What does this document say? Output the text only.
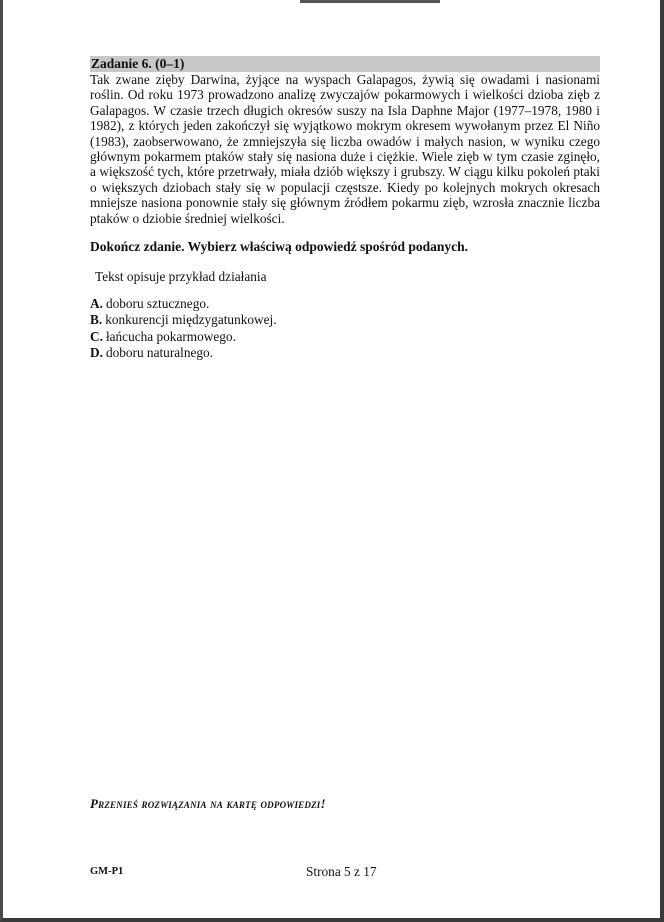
Zadanie 6. (0–1)

Tak zwane zięby Darwina, żyjące na wyspach Galapagos, żywią się owadami i nasionami roślin. Od roku 1973 prowadzono analizę zwyczajów pokarmowych i wielkości dzioba zięb z Galapagos. W czasie trzech długich okresów suszy na Isla Daphne Major (1977–1978, 1980 i 1982), z których jeden zakończył się wyjątkowo mokrym okresem wywołanym przez El Niño (1983), zaobserwowano, że zmniejszyła się liczba owadów i małych nasion, w wyniku czego głównym pokarmem ptaków stały się nasiona duże i ciężkie. Wiele zięb w tym czasie zginęło, a większość tych, które przetrwały, miała dziób większy i grubszy. W ciągu kilku pokoleń ptaki o większych dziobach stały się w populacji częstsze. Kiedy po kolejnych mokrych okresach mniejsze nasiona ponownie stały się głównym źródłem pokarmu zięb, wzrosła znacznie liczba ptaków o dziobie średniej wielkości.

Dokończ zdanie. Wybierz właściwą odpowiedź spośród podanych.
Tekst opisuje przykład działania
A. doboru sztucznego.
B. konkurencji międzygatunkowej.
C. łańcucha pokarmowego.
D. doboru naturalnego.
Przenieś rozwiązania na kartę odpowiedzi!
GM-P1	Strona 5 z 17
